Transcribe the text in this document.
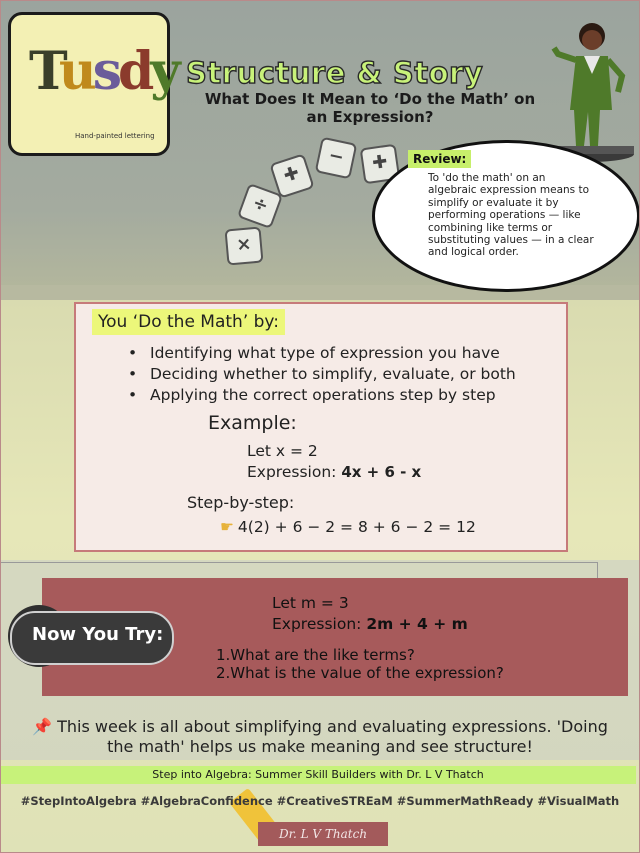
✚
−	✚
÷
×
Tusdy
Hand-painted lettering
Structure & Story
What Does It Mean to ‘Do the Math’ on an Expression?
Review:
To 'do the math' on an algebraic expression means to simplify or evaluate it by performing operations — like combining like terms or substituting values — in a clear and logical order.
You ‘Do the Math’ by:
• Identifying what type of expression you have
• Deciding whether to simplify, evaluate, or both
• Applying the correct operations step by step
Example:
Let x = 2
Expression: 4x + 6 - x
Step-by-step:
☛ 4(2) + 6 − 2 = 8 + 6 − 2 = 12
Now You Try:
Let m = 3
Expression: 2m + 4 + m
1.What are the like terms?
2.What is the value of the expression?
📌 This week is all about simplifying and evaluating expressions. 'Doing the math' helps us make meaning and see structure!
Step into Algebra: Summer Skill Builders with Dr. L V Thatch
#StepIntoAlgebra #AlgebraConfidence #CreativeSTREaM #SummerMathReady #VisualMath
Dr. L V Thatch
